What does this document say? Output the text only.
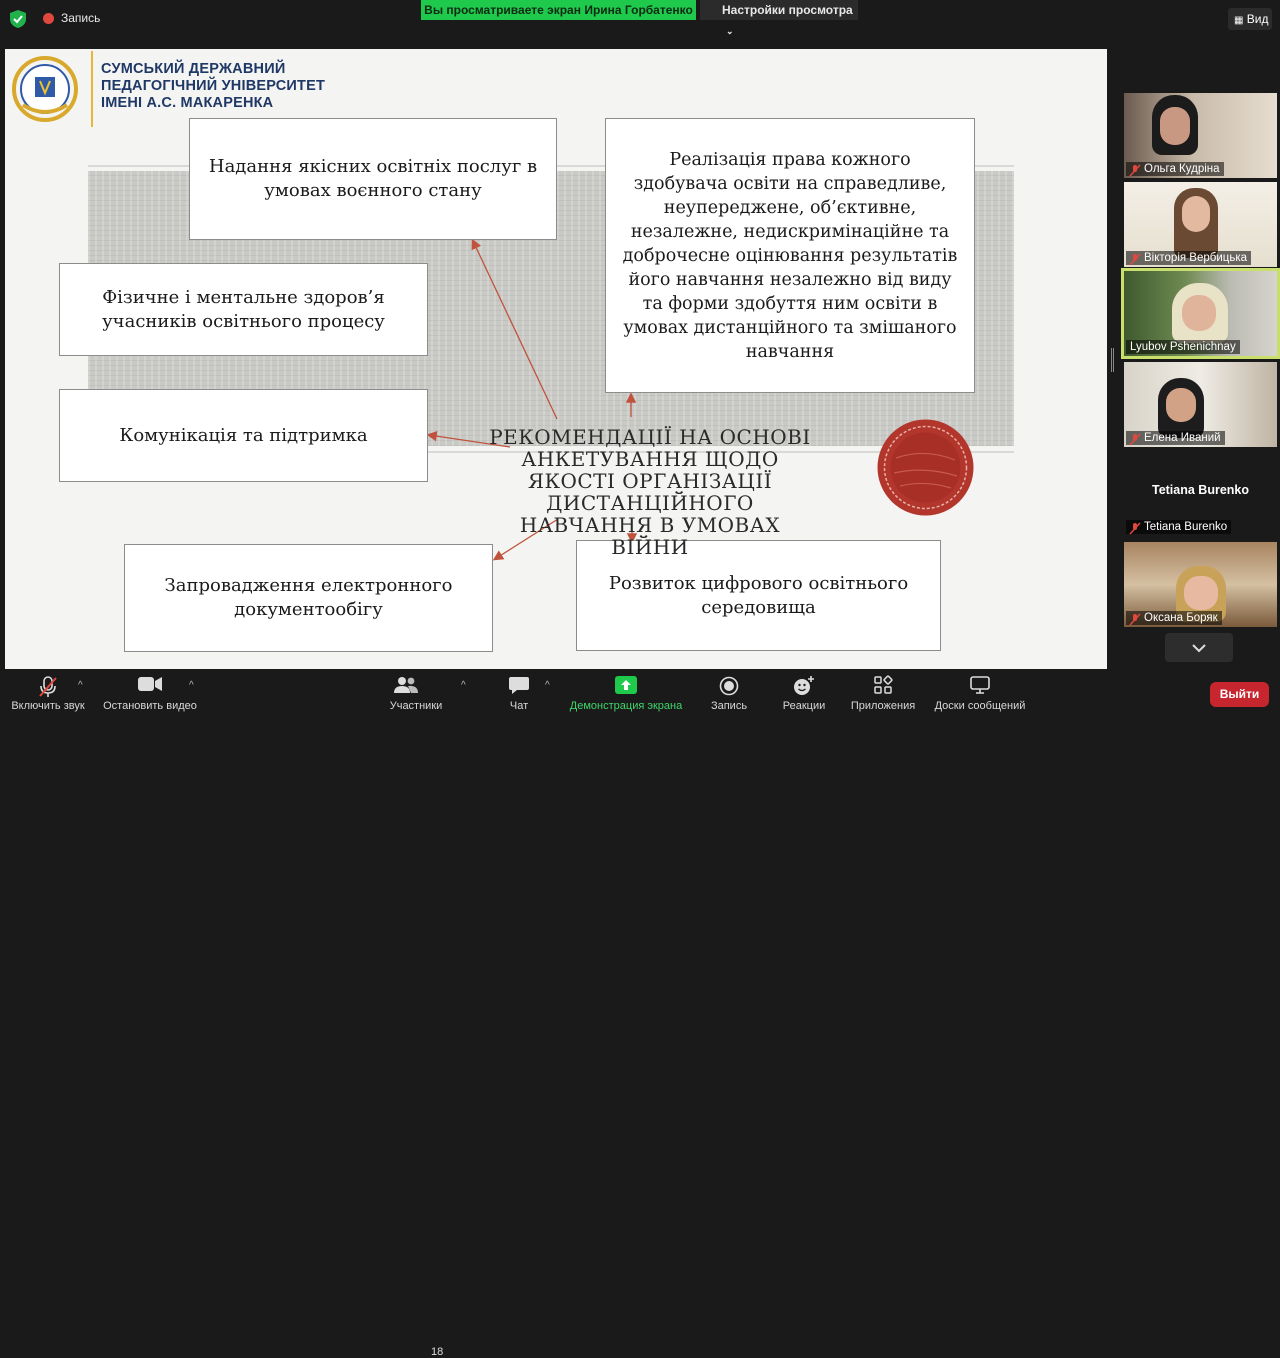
Запись
Вы просматриваете экран Ирина Горбатенко	Настройки просмотра ⌄
▦ Вид
СУМСЬКИЙ ДЕРЖАВНИЙ
ПЕДАГОГІЧНИЙ УНІВЕРСИТЕТ
ІМЕНІ А.С. МАКАРЕНКА
Надання якісних освітніх послуг в умовах воєнного стану
Фізичне і ментальне здоров’я учасників освітнього процесу
Комунікація та підтримка
Запровадження електронного документообігу
Розвиток цифрового освітнього середовища
Реалізація права кожного здобувача освіти на справедливе, неупереджене, об’єктивне, незалежне, недискримінаційне та доброчесне оцінювання результатів його навчання незалежно від виду та форми здобуття ним освіти в умовах дистанційного та змішаного навчання
РЕКОМЕНДАЦІЇ НА ОСНОВІ АНКЕТУВАННЯ ЩОДО ЯКОСТІ ОРГАНІЗАЦІЇ ДИСТАНЦІЙНОГО НАВЧАННЯ В УМОВАХ ВІЙНИ
Ольга Кудріна
Вікторія Вербицька
Lyubov Pshenichnay
Елена Иваний
Tetiana Burenko
Tetiana Burenko
Оксана Боряк
Включить звук
^
Остановить видео
^
Участники
18
^
Чат
^
Демонстрация экрана	Запись	Реакции	Приложения	Доски сообщений
Выйти
